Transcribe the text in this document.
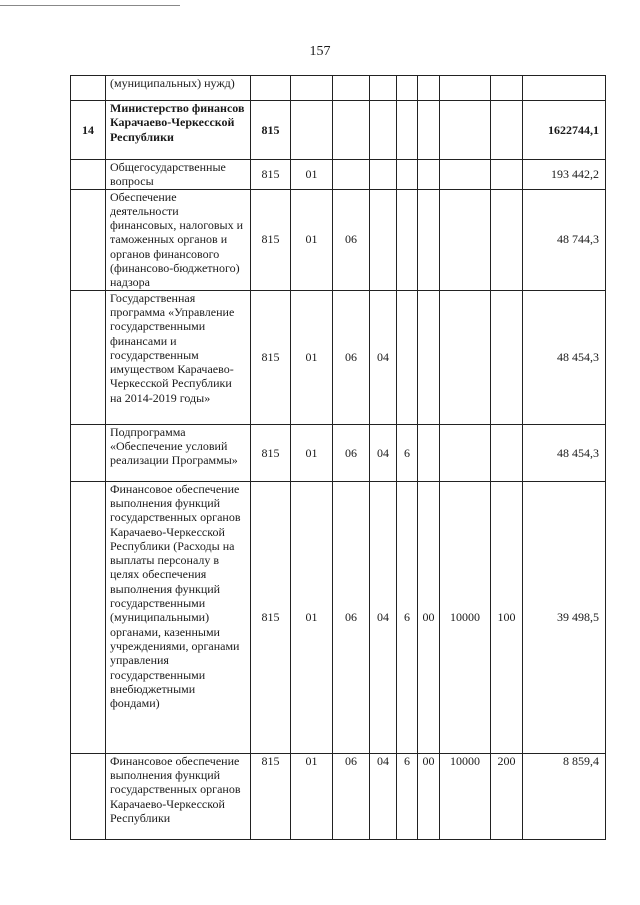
157
	(муниципальных) нужд)									
14	Министерство финансов Карачаево-Черкесской Республики	815								1622744,1
	Общегосударственные вопросы	815	01							193 442,2
	Обеспечение деятельности финансовых, налоговых и таможенных органов и органов финансового (финансово-бюджетного) надзора	815	01	06						48 744,3
	Государственная программа «Управление государственными финансами и государственным имуществом Карачаево-Черкесской Республики на 2014-2019 годы»	815	01	06	04					48 454,3
	Подпрограмма «Обеспечение условий реализации Программы»	815	01	06	04	6				48 454,3
	Финансовое обеспечение выполнения функций государственных органов Карачаево-Черкесской Республики (Расходы на выплаты персоналу в целях обеспечения выполнения функций государственными (муниципальными) органами, казенными учреждениями, органами управления государственными внебюджетными фондами)	815	01	06	04	6	00	10000	100	39 498,5
	Финансовое обеспечение выполнения функций государственных органов Карачаево-Черкесской Республики	815	01	06	04	6	00	10000	200	8 859,4
